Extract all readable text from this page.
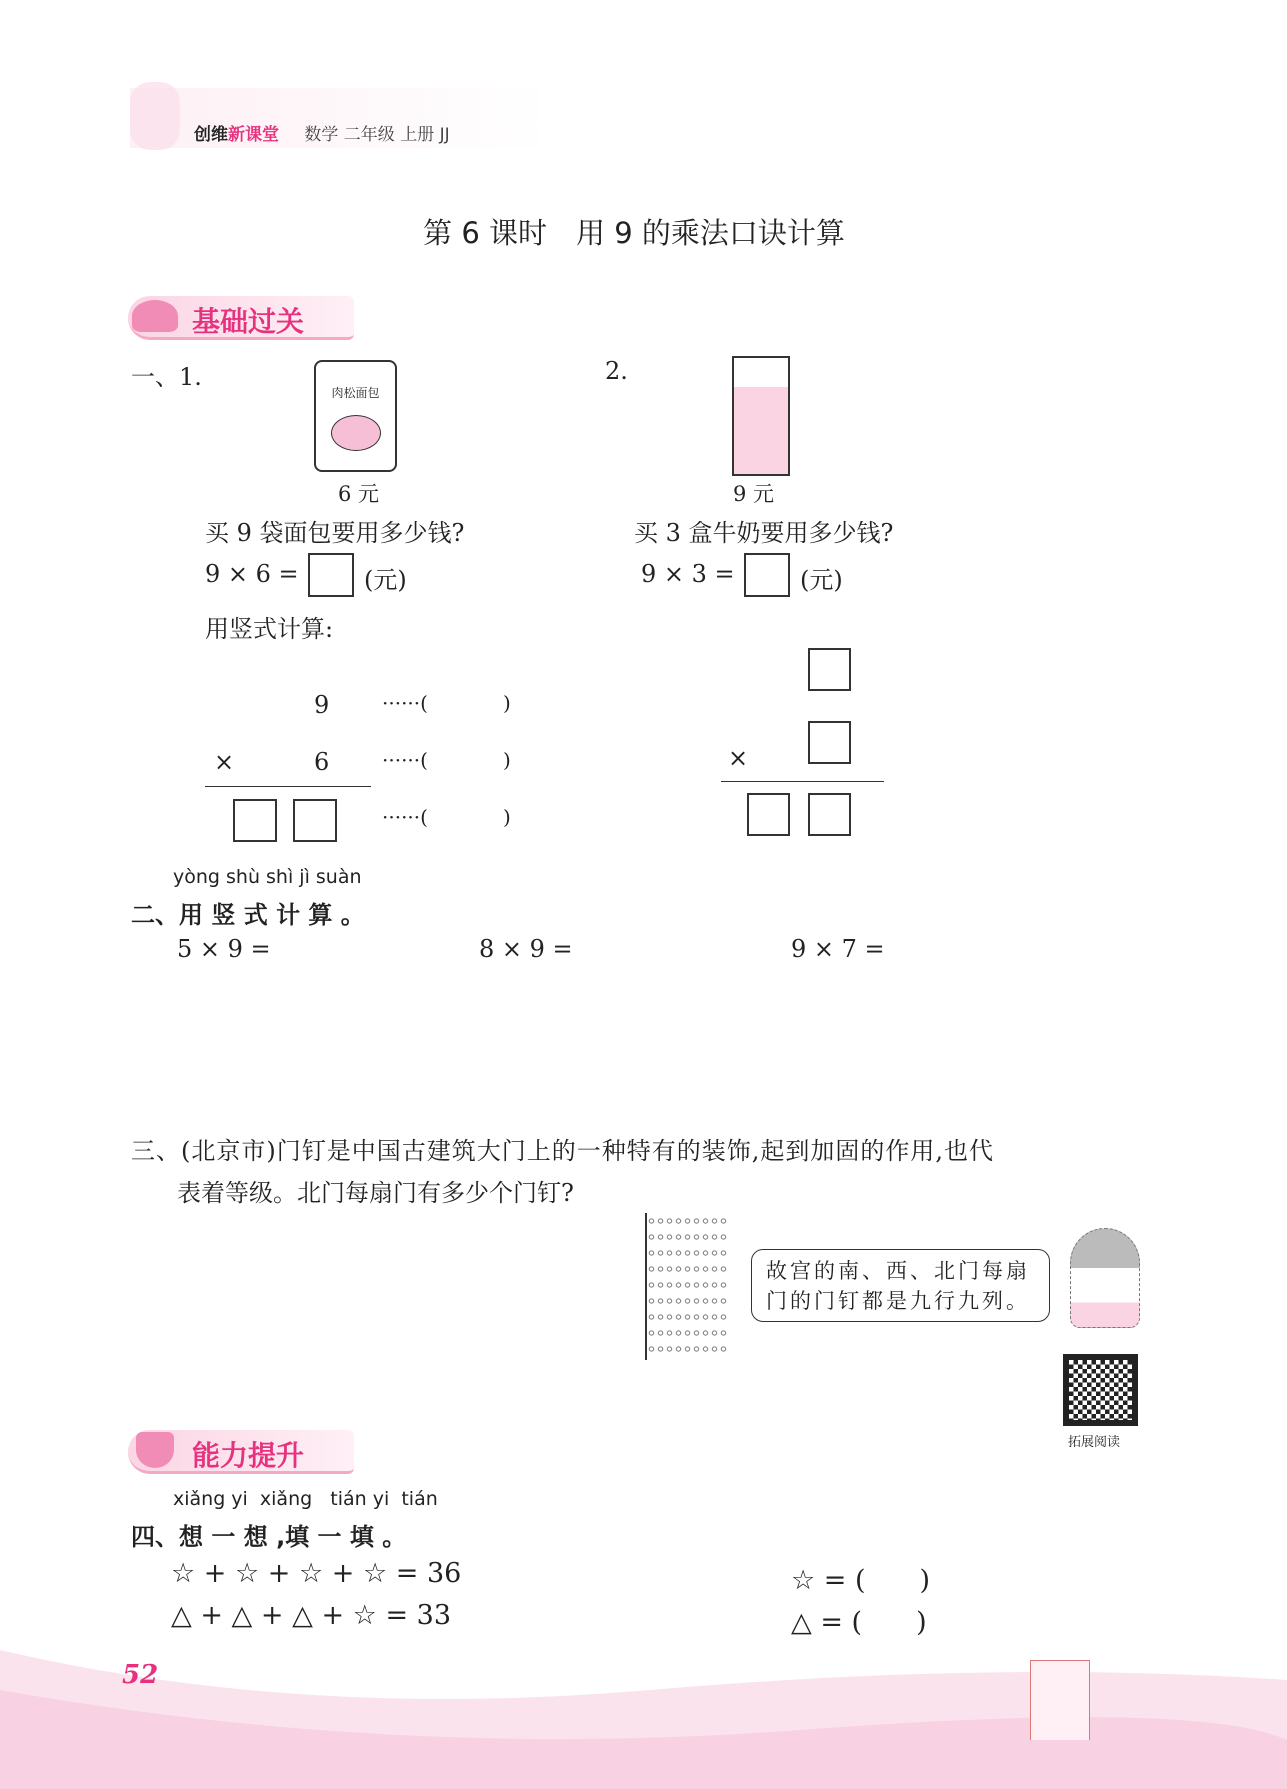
创维新课堂 数学 二年级 上册 JJ
第 6 课时　用 9 的乘法口诀计算
基础过关
一、1.
肉松面包
6 元
2.
9 元
买 9 袋面包要用多少钱?	买 3 盒牛奶要用多少钱?
9 × 6 =	(元)	9 × 3 =	(元)
用竖式计算:
9
×	6
······(	)
······(	)
······(	)
×
yòng shù shì jì suàn
二、用 竖 式 计 算 。
5 × 9 =	8 × 9 =	9 × 7 =
三、(北京市)门钉是中国古建筑大门上的一种特有的装饰,起到加固的作用,也代
表着等级。北门每扇门有多少个门钉?
故宫的南、西、北门每扇
门的门钉都是九行九列。
拓展阅读
能力提升
xiǎng yi  xiǎng   tián yi  tián
四、想 一 想 ,填 一 填 。
☆ + ☆ + ☆ + ☆ = 36
△ + △ + △ + ☆ = 33
☆ = (　　)
△ = (　　)
52
